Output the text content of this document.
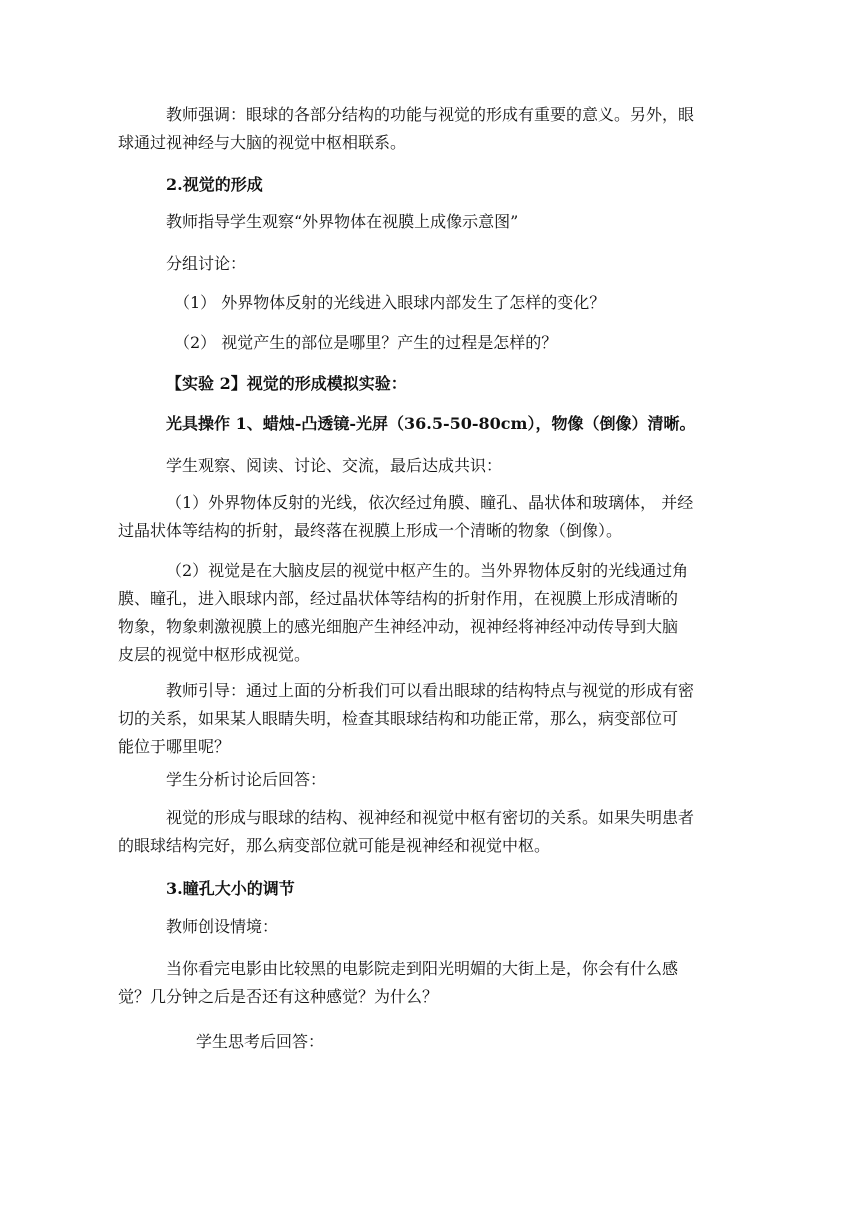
教师强调：眼球的各部分结构的功能与视觉的形成有重要的意义。另外，眼
球通过视神经与大脑的视觉中枢相联系。

2.视觉的形成

教师指导学生观察“外界物体在视膜上成像示意图”

分组讨论：

（1） 外界物体反射的光线进入眼球内部发生了怎样的变化？

（2） 视觉产生的部位是哪里？产生的过程是怎样的？

【实验 2】视觉的形成模拟实验：

光具操作 1、蜡烛-凸透镜-光屏（36.5-50-80cm），物像（倒像）清晰。

学生观察、阅读、讨论、交流，最后达成共识：

（1）外界物体反射的光线，依次经过角膜、瞳孔、晶状体和玻璃体， 并经
过晶状体等结构的折射，最终落在视膜上形成一个清晰的物象（倒像）。

（2）视觉是在大脑皮层的视觉中枢产生的。当外界物体反射的光线通过角
膜、瞳孔，进入眼球内部，经过晶状体等结构的折射作用，在视膜上形成清晰的
物象，物象刺激视膜上的感光细胞产生神经冲动，视神经将神经冲动传导到大脑
皮层的视觉中枢形成视觉。

教师引导：通过上面的分析我们可以看出眼球的结构特点与视觉的形成有密
切的关系，如果某人眼睛失明，检查其眼球结构和功能正常，那么，病变部位可
能位于哪里呢？

学生分析讨论后回答：

视觉的形成与眼球的结构、视神经和视觉中枢有密切的关系。如果失明患者
的眼球结构完好，那么病变部位就可能是视神经和视觉中枢。

3.瞳孔大小的调节

教师创设情境：

当你看完电影由比较黑的电影院走到阳光明媚的大街上是，你会有什么感
觉？几分钟之后是否还有这种感觉？为什么？

学生思考后回答：
